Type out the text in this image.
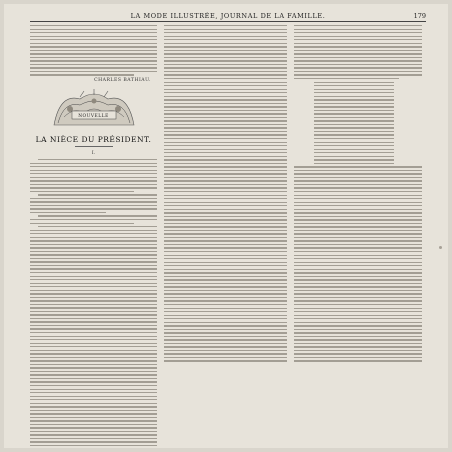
LA MODE ILLUSTRÉE, JOURNAL DE LA FAMILLE.	179
CHARLES BATHIAU.
NOUVELLE
LA NIÈCE DU PRÉSIDENT.
I.
